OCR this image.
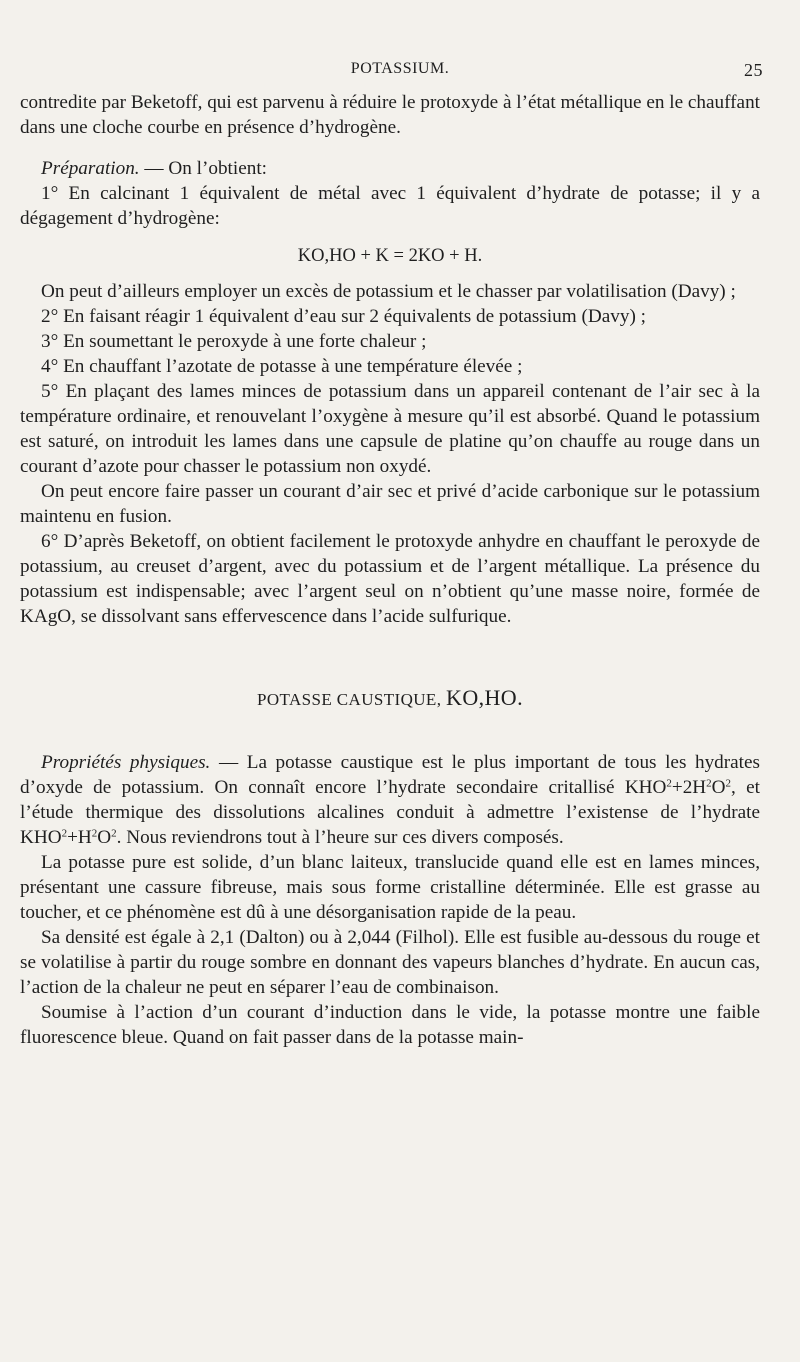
POTASSIUM.	25

contredite par Beketoff, qui est parvenu à réduire le protoxyde à l’état métallique en le chauffant dans une cloche courbe en présence d’hydrogène.

Préparation. — On l’obtient:

1° En calcinant 1 équivalent de métal avec 1 équivalent d’hydrate de potasse; il y a dégagement d’hydrogène:

KO,HO + K = 2KO + H.

On peut d’ailleurs employer un excès de potassium et le chasser par volatilisation (Davy) ;

2° En faisant réagir 1 équivalent d’eau sur 2 équivalents de potassium (Davy) ;

3° En soumettant le peroxyde à une forte chaleur ;

4° En chauffant l’azotate de potasse à une température élevée ;

5° En plaçant des lames minces de potassium dans un appareil contenant de l’air sec à la température ordinaire, et renouvelant l’oxygène à mesure qu’il est absorbé. Quand le potassium est saturé, on introduit les lames dans une capsule de platine qu’on chauffe au rouge dans un courant d’azote pour chasser le potassium non oxydé.

On peut encore faire passer un courant d’air sec et privé d’acide carbonique sur le potassium maintenu en fusion.

6° D’après Beketoff, on obtient facilement le protoxyde anhydre en chauffant le peroxyde de potassium, au creuset d’argent, avec du potassium et de l’argent métallique. La présence du potassium est indispensable; avec l’argent seul on n’obtient qu’une masse noire, formée de KAgO, se dissolvant sans effervescence dans l’acide sulfurique.

POTASSE CAUSTIQUE, KO,HO.

Propriétés physiques. — La potasse caustique est le plus important de tous les hydrates d’oxyde de potassium. On connaît encore l’hydrate secondaire critallisé $KHO^2+2H^2O^2$, et l’étude thermique des dissolutions alcalines conduit à admettre l’existense de l’hydrate $KHO^2+H^2O^2$. Nous reviendrons tout à l’heure sur ces divers composés.

La potasse pure est solide, d’un blanc laiteux, translucide quand elle est en lames minces, présentant une cassure fibreuse, mais sous forme cristalline déterminée. Elle est grasse au toucher, et ce phénomène est dû à une désorganisation rapide de la peau.

Sa densité est égale à 2,1 (Dalton) ou à 2,044 (Filhol). Elle est fusible au-dessous du rouge et se volatilise à partir du rouge sombre en donnant des vapeurs blanches d’hydrate. En aucun cas, l’action de la chaleur ne peut en séparer l’eau de combinaison.

Soumise à l’action d’un courant d’induction dans le vide, la potasse montre une faible fluorescence bleue. Quand on fait passer dans de la potasse main-
